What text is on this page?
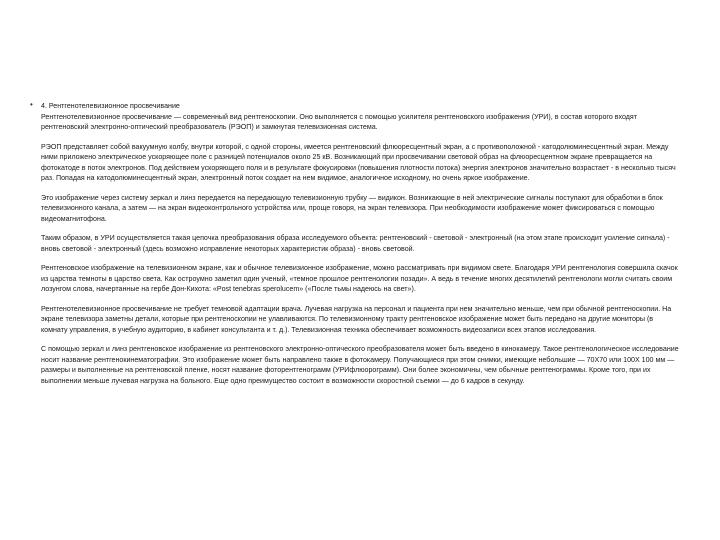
• 4. Рентгенотелевизионное просвечивание
Рентгенотелевизионное просвечивание — современный вид рентгеноскопии. Оно выполняется с помощью усилителя рентгеновского изображения (УРИ), в состав которого входят рентгеновский электронно-оптический преобразователь (РЭОП) и замкнутая телевизионная система.

РЭОП представляет собой вакуумную колбу, внутри которой, с одной стороны, имеется рентгеновский флюоресцентный экран, а с противоположной - катодолюминесцентный экран. Между ними приложено электрическое ускоряющее поле с разницей потенциалов около 25 кВ. Возникающий при просвечивании световой образ на флюоресцентном экране превращается на фотокатоде в поток электронов. Под действием ускоряющего поля и в результате фокусировки (повышения плотности потока) энергия электронов значительно возрастает - в несколько тысяч раз. Попадая на катодолюминесцентный экран, электронный поток создает на нем видимое, аналогичное исходному, но очень яркое изображение.

Это изображение через систему зеркал и линз передается на передающую телевизионную трубку — видикон. Возникающие в ней электрические сигналы поступают для обработки в блок телевизионного канала, а затем — на экран видеоконтрольного устройства или, проще говоря, на экран телевизора. При необходимости изображение может фиксироваться с помощью видеомагнитофона.

Таким образом, в УРИ осуществляется такая цепочка преобразования образа исследуемого объекта: рентгеновский - световой - электронный (на этом этапе происходит усиление сигнала) - вновь световой - электронный (здесь возможно исправление некоторых характеристик образа) - вновь световой.

Рентгеновское изображение на телевизионном экране, как и обычное телевизионное изображение, можно рассматривать при видимом свете. Благодаря УРИ рентгенология совершила скачок из царства темноты в царство света. Как остроумно заметил один ученый, «темное прошлое рентгенологии позади». А ведь в течение многих десятилетий рентгенологи могли считать своим лозунгом слова, начертанные на гербе Дон-Кихота: «Post tenebras sperolucem» («После тьмы надеюсь на свет»).

Рентгенотелевизионное просвечивание не требует темновой адаптации врача. Лучевая нагрузка на персонал и пациента при нем значительно меньше, чем при обычной рентгеноскопии. На экране телевизора заметны детали, которые при рентгеноскопии не улавливаются. По телевизионному тракту рентгеновское изображение может быть передано на другие мониторы (в комнату управления, в учебную аудиторию, в кабинет консультанта и т. д.). Телевизионная техника обеспечивает возможность видеозаписи всех этапов исследования.

С помощью зеркал и линз рентгеновское изображение из рентгеновского электронно-оптического преобразователя может быть введено в кинокамеру. Такое рентгенологическое исследование носит название рентгенокинематографии. Это изображение может быть направлено также в фотокамеру. Получающиеся при этом снимки, имеющие небольшие — 70Х70 или 100Х 100 мм — размеры и выполненные на рентгеновской пленке, носят название фоторентгенограмм (УРИфлюорограмм). Они более экономичны, чем обычные рентгенограммы. Кроме того, при их выполнении меньше лучевая нагрузка на больного. Еще одно преимущество состоит в возможности скоростной съемки — до 6 кадров в секунду.
